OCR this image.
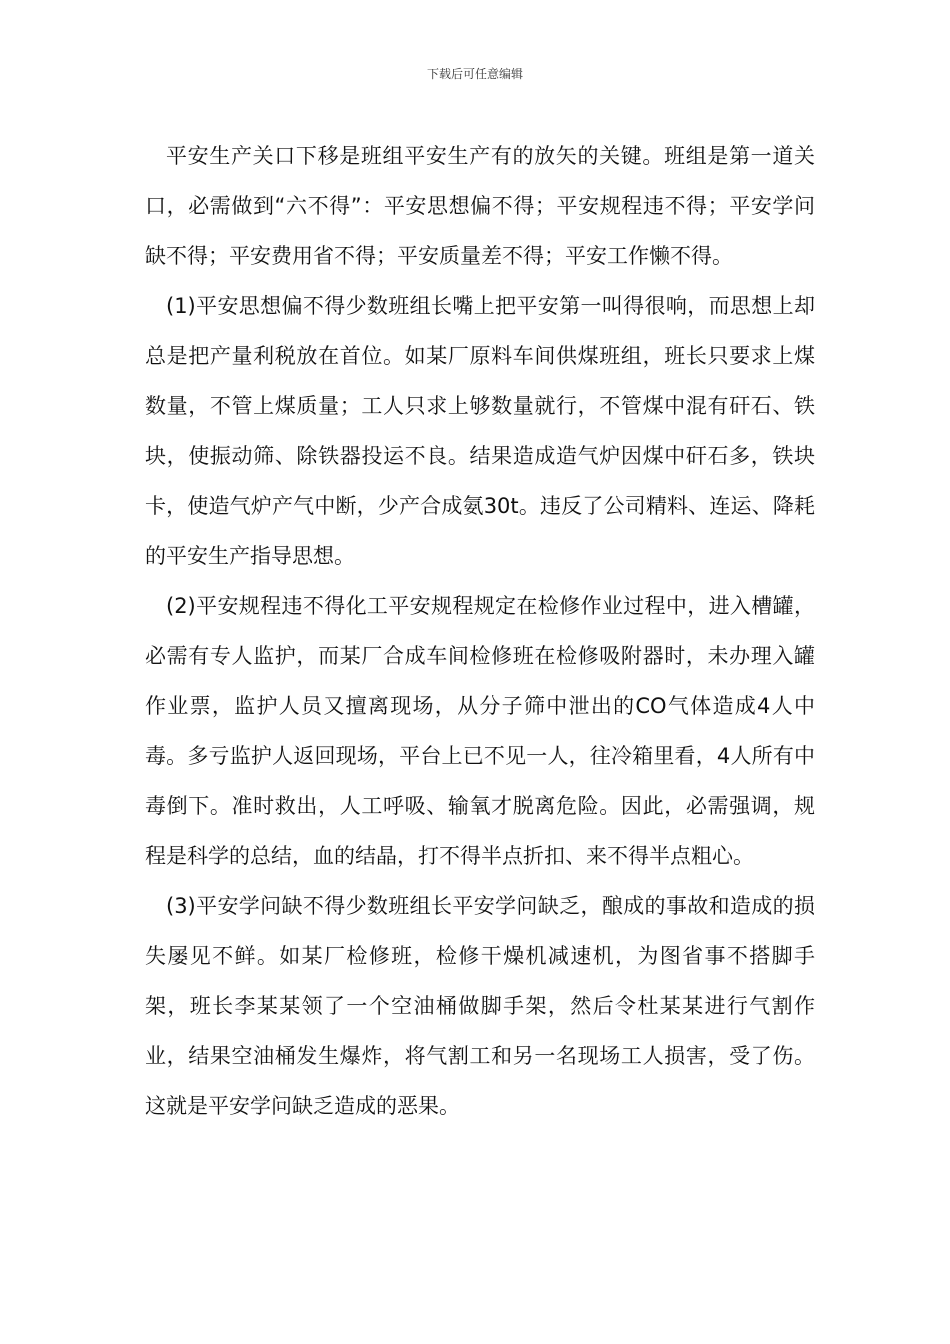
下载后可任意编辑

平安生产关口下移是班组平安生产有的放矢的关键。班组是第一道关口，必需做到“六不得”：平安思想偏不得；平安规程违不得；平安学问缺不得；平安费用省不得；平安质量差不得；平安工作懒不得。

(1)平安思想偏不得少数班组长嘴上把平安第一叫得很响，而思想上却总是把产量利税放在首位。如某厂原料车间供煤班组，班长只要求上煤数量，不管上煤质量；工人只求上够数量就行，不管煤中混有矸石、铁块，使振动筛、除铁器投运不良。结果造成造气炉因煤中矸石多，铁块卡，使造气炉产气中断，少产合成氨30t。违反了公司精料、连运、降耗的平安生产指导思想。

(2)平安规程违不得化工平安规程规定在检修作业过程中，进入槽罐，必需有专人监护，而某厂合成车间检修班在检修吸附器时，未办理入罐作业票，监护人员又擅离现场，从分子筛中泄出的CO气体造成4人中毒。多亏监护人返回现场，平台上已不见一人，往冷箱里看，4人所有中毒倒下。准时救出，人工呼吸、输氧才脱离危险。因此，必需强调，规程是科学的总结，血的结晶，打不得半点折扣、来不得半点粗心。

(3)平安学问缺不得少数班组长平安学问缺乏，酿成的事故和造成的损失屡见不鲜。如某厂检修班，检修干燥机减速机，为图省事不搭脚手架，班长李某某领了一个空油桶做脚手架，然后令杜某某进行气割作业，结果空油桶发生爆炸，将气割工和另一名现场工人损害，受了伤。这就是平安学问缺乏造成的恶果。
